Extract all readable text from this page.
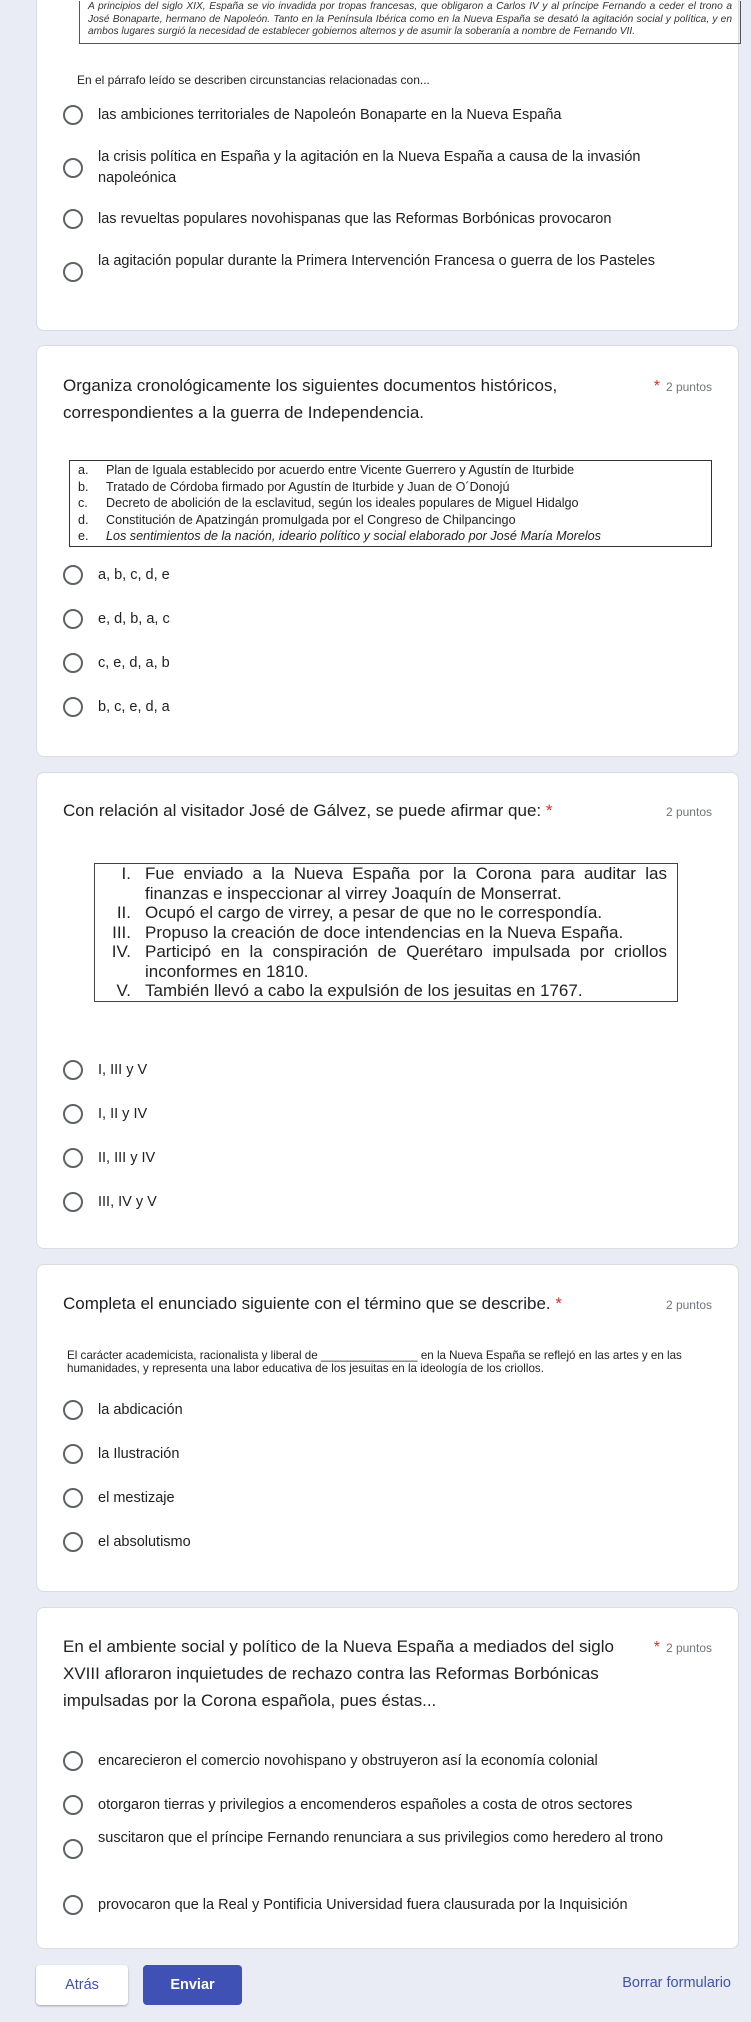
A principios del siglo XIX, España se vio invadida por tropas francesas, que obligaron a Carlos IV y al príncipe Fernando a ceder el trono a José Bonaparte, hermano de Napoleón. Tanto en la Península Ibérica como en la Nueva España se desató la agitación social y política, y en ambos lugares surgió la necesidad de establecer gobiernos alternos y de asumir la soberanía a nombre de Fernando VII.
En el párrafo leído se describen circunstancias relacionadas con...
las ambiciones territoriales de Napoleón Bonaparte en la Nueva España
la crisis política en España y la agitación en la Nueva España a causa de la invasión napoleónica
las revueltas populares novohispanas que las Reformas Borbónicas provocaron
la agitación popular durante la Primera Intervención Francesa o guerra de los Pasteles
Organiza cronológicamente los siguientes documentos históricos, correspondientes a la guerra de Independencia.
* 2 puntos
a.	Plan de Iguala establecido por acuerdo entre Vicente Guerrero y Agustín de Iturbide
b.	Tratado de Córdoba firmado por Agustín de Iturbide y Juan de O´Donojú
c.	Decreto de abolición de la esclavitud, según los ideales populares de Miguel Hidalgo
d.	Constitución de Apatzingán promulgada por el Congreso de Chilpancingo
e.	Los sentimientos de la nación, ideario político y social elaborado por José María Morelos
a, b, c, d, e
e, d, b, a, c
c, e, d, a, b
b, c, e, d, a
Con relación al visitador José de Gálvez, se puede afirmar que: *	2 puntos
I. Fue enviado a la Nueva España por la Corona para auditar las finanzas e inspeccionar al virrey Joaquín de Monserrat.
II. Ocupó el cargo de virrey, a pesar de que no le correspondía.
III. Propuso la creación de doce intendencias en la Nueva España.
IV. Participó en la conspiración de Querétaro impulsada por criollos inconformes en 1810.
V. También llevó a cabo la expulsión de los jesuitas en 1767.
I, III y V
I, II y IV
II, III y IV
III, IV y V
Completa el enunciado siguiente con el término que se describe. *	2 puntos
El carácter academicista, racionalista y liberal de _______________ en la Nueva España se reflejó en las artes y en las humanidades, y representa una labor educativa de los jesuitas en la ideología de los criollos.
la abdicación
la Ilustración
el mestizaje
el absolutismo
En el ambiente social y político de la Nueva España a mediados del siglo XVIII afloraron inquietudes de rechazo contra las Reformas Borbónicas impulsadas por la Corona española, pues éstas...
* 2 puntos
encarecieron el comercio novohispano y obstruyeron así la economía colonial
otorgaron tierras y privilegios a encomenderos españoles a costa de otros sectores
suscitaron que el príncipe Fernando renunciara a sus privilegios como heredero al trono
provocaron que la Real y Pontificia Universidad fuera clausurada por la Inquisición
Atrás	Enviar	Borrar formulario
